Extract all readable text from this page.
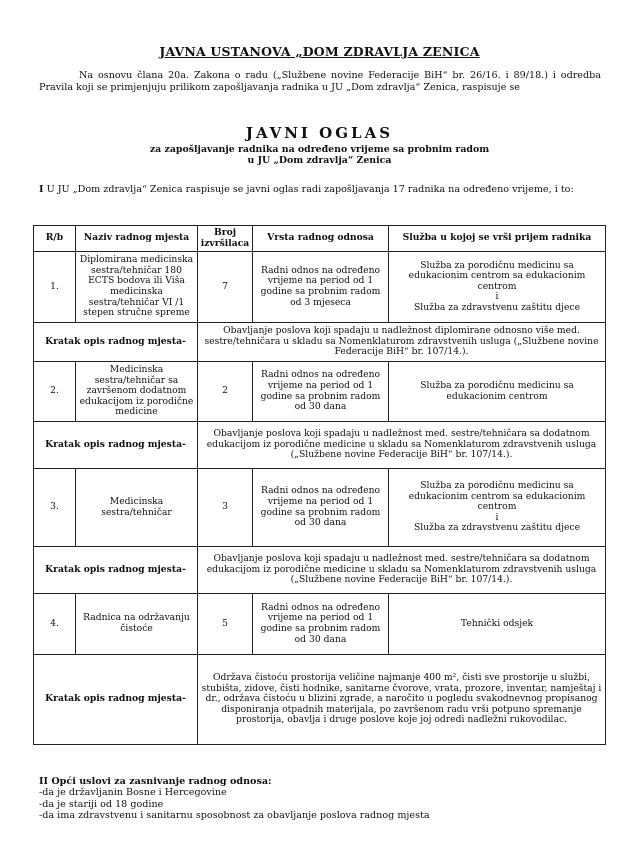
JAVNA USTANOVA „DOM ZDRAVLJA ZENICA
Na osnovu člana 20a. Zakona o radu („Službene novine Federacije BiH“ br. 26/16. i 89/18.) i odredba Pravila koji se primjenjuju prilikom zapošljavanja radnika u JU „Dom zdravlja“ Zenica, raspisuje se
JAVNI OGLAS
za zapošljavanje radnika na određeno vrijeme sa probnim radom
u JU „Dom zdravlja“ Zenica
I U JU „Dom zdravlja“ Zenica raspisuje se javni oglas radi zapošljavanja 17 radnika na određeno vrijeme, i to:
R/b	Naziv radnog mjesta	Broj izvršilaca	Vrsta radnog odnosa	Služba u kojoj se vrši prijem radnika
1.	Diplomirana medicinska sestra/tehničar 180 ECTS bodova ili Viša medicinska sestra/tehničar VI /1 stepen stručne spreme	7	Radni odnos na određeno vrijeme na period od 1 godine sa probnim radom od 3 mjeseca	Služba za porodičnu medicinu sa edukacionim centrom sa edukacionim centrom
i
Služba za zdravstvenu zaštitu djece

Kratak opis radnog mjesta-		Obavljanje poslova koji spadaju u nadležnost diplomirane odnosno više med. sestre/tehničara u skladu sa Nomenklaturom zdravstvenih usluga („Službene novine Federacije BiH“ br. 107/14.).		
2.	Medicinska sestra/tehničar sa završenom dodatnom edukacijom iz porodične medicine	2	Radni odnos na određeno vrijeme na period od 1 godine sa probnim radom od 30 dana	Služba za porodičnu medicinu sa edukacionim centrom

Kratak opis radnog mjesta-		Obavljanje poslova koji spadaju u nadležnost med. sestre/tehničara sa dodatnom edukacijom iz porodične medicine u skladu sa Nomenklaturom zdravstvenih usluga („Službene novine Federacije BiH“ br. 107/14.).		
3.	Medicinska sestra/tehničar	3	Radni odnos na određeno vrijeme na period od 1 godine sa probnim radom od 30 dana	Služba za porodičnu medicinu sa edukacionim centrom sa edukacionim centrom
i
Služba za zdravstvenu zaštitu djece

Kratak opis radnog mjesta-		Obavljanje poslova koji spadaju u nadležnost med. sestre/tehničara sa dodatnom edukacijom iz porodične medicine u skladu sa Nomenklaturom zdravstvenih usluga („Službene novine Federacije BiH“ br. 107/14.).		
4.	Radnica na održavanju čistoće	5	Radni odnos na određeno vrijeme na period od 1 godine sa probnim radom od 30 dana	Tehnički odsjek

Kratak opis radnog mjesta-		Održava čistoću prostorija veličine najmanje 400 m², čisti sve prostorije u službi, stubišta, zidove, čisti hodnike, sanitarne čvorove, vrata, prozore, inventar, namještaj i dr., održava čistoću u blizini zgrade, a naročito u pogledu svakodnevnog propisanog disponiranja otpadnih materijala, po završenom radu vrši potpuno spremanje prostorija, obavlja i druge poslove koje joj odredi nadležni rukovodilac.		
II Opći uslovi za zasnivanje radnog odnosa:
-da je državljanin Bosne i Hercegovine
-da je stariji od 18 godine
-da ima zdravstvenu i sanitarnu sposobnost za obavljanje poslova radnog mjesta
